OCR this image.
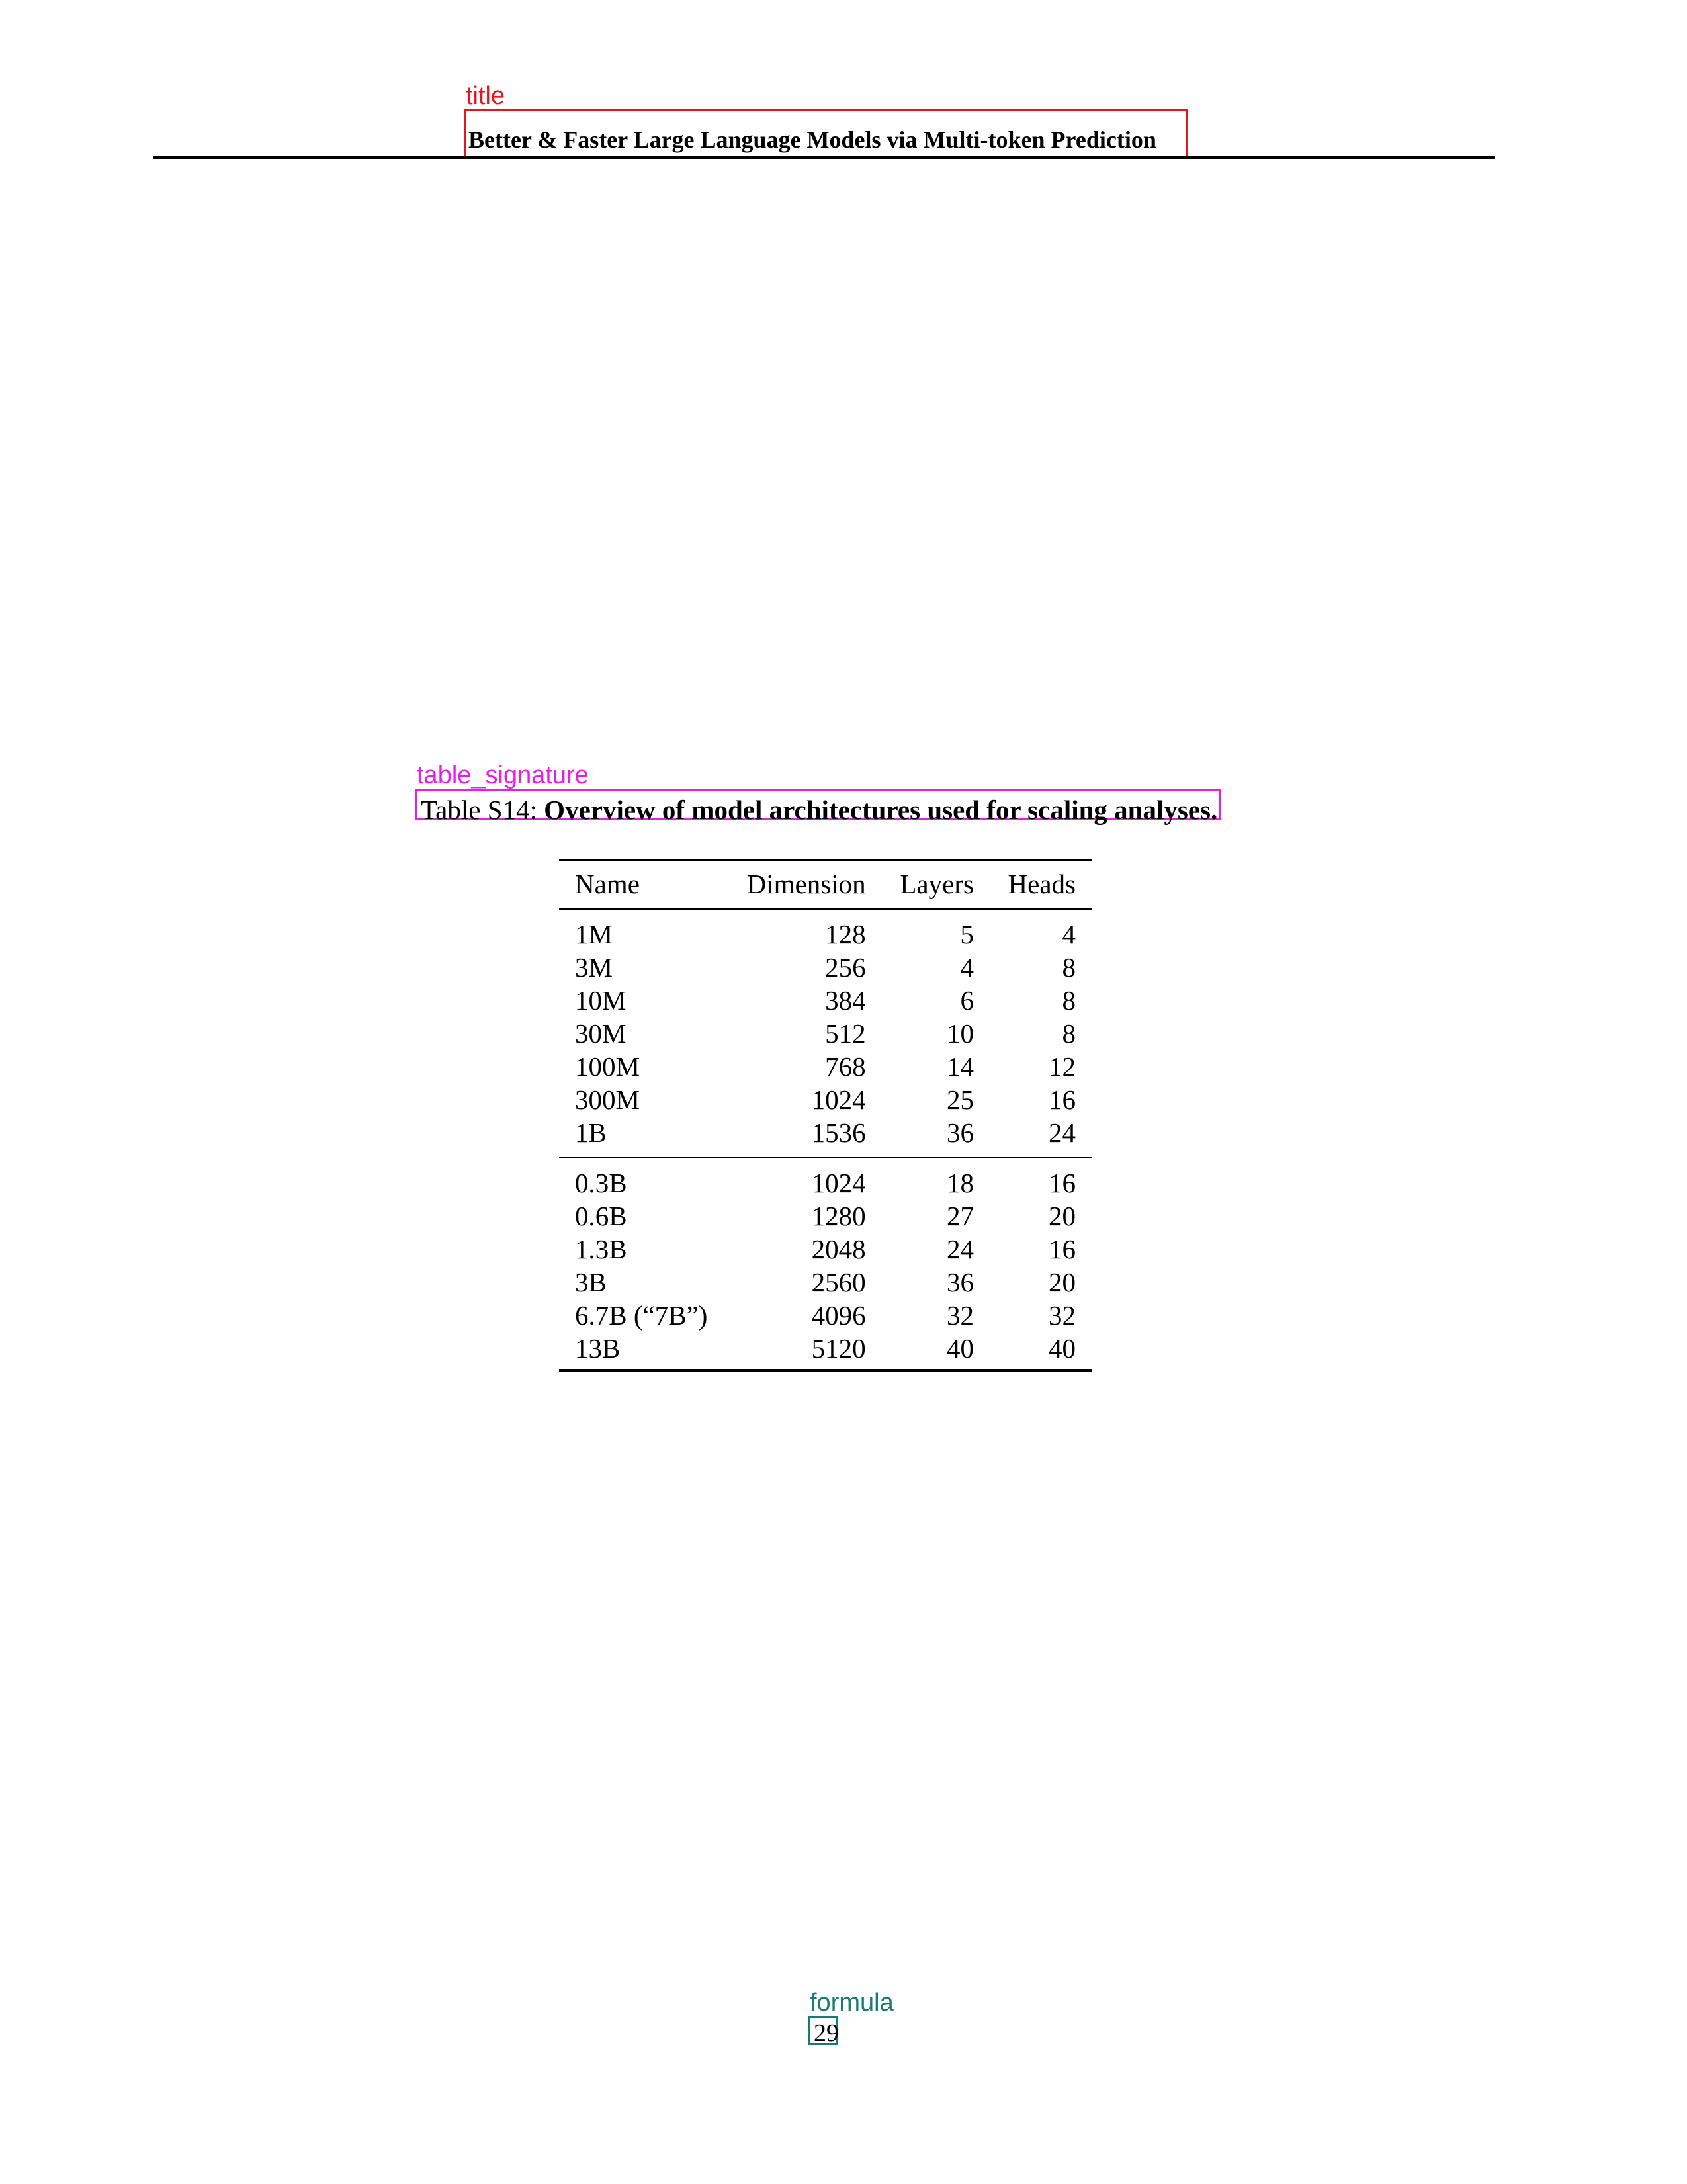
title
Better & Faster Large Language Models via Multi-token Prediction
table_signature
Table S14: Overview of model architectures used for scaling analyses.
Name	Dimension	Layers	Heads
1M	128	5	4
3M	256	4	8
10M	384	6	8
30M	512	10	8
100M	768	14	12
300M	1024	25	16
1B	1536	36	24
0.3B	1024	18	16
0.6B	1280	27	20
1.3B	2048	24	16
3B	2560	36	20
6.7B (“7B”)	4096	32	32
13B	5120	40	40
formula
29
